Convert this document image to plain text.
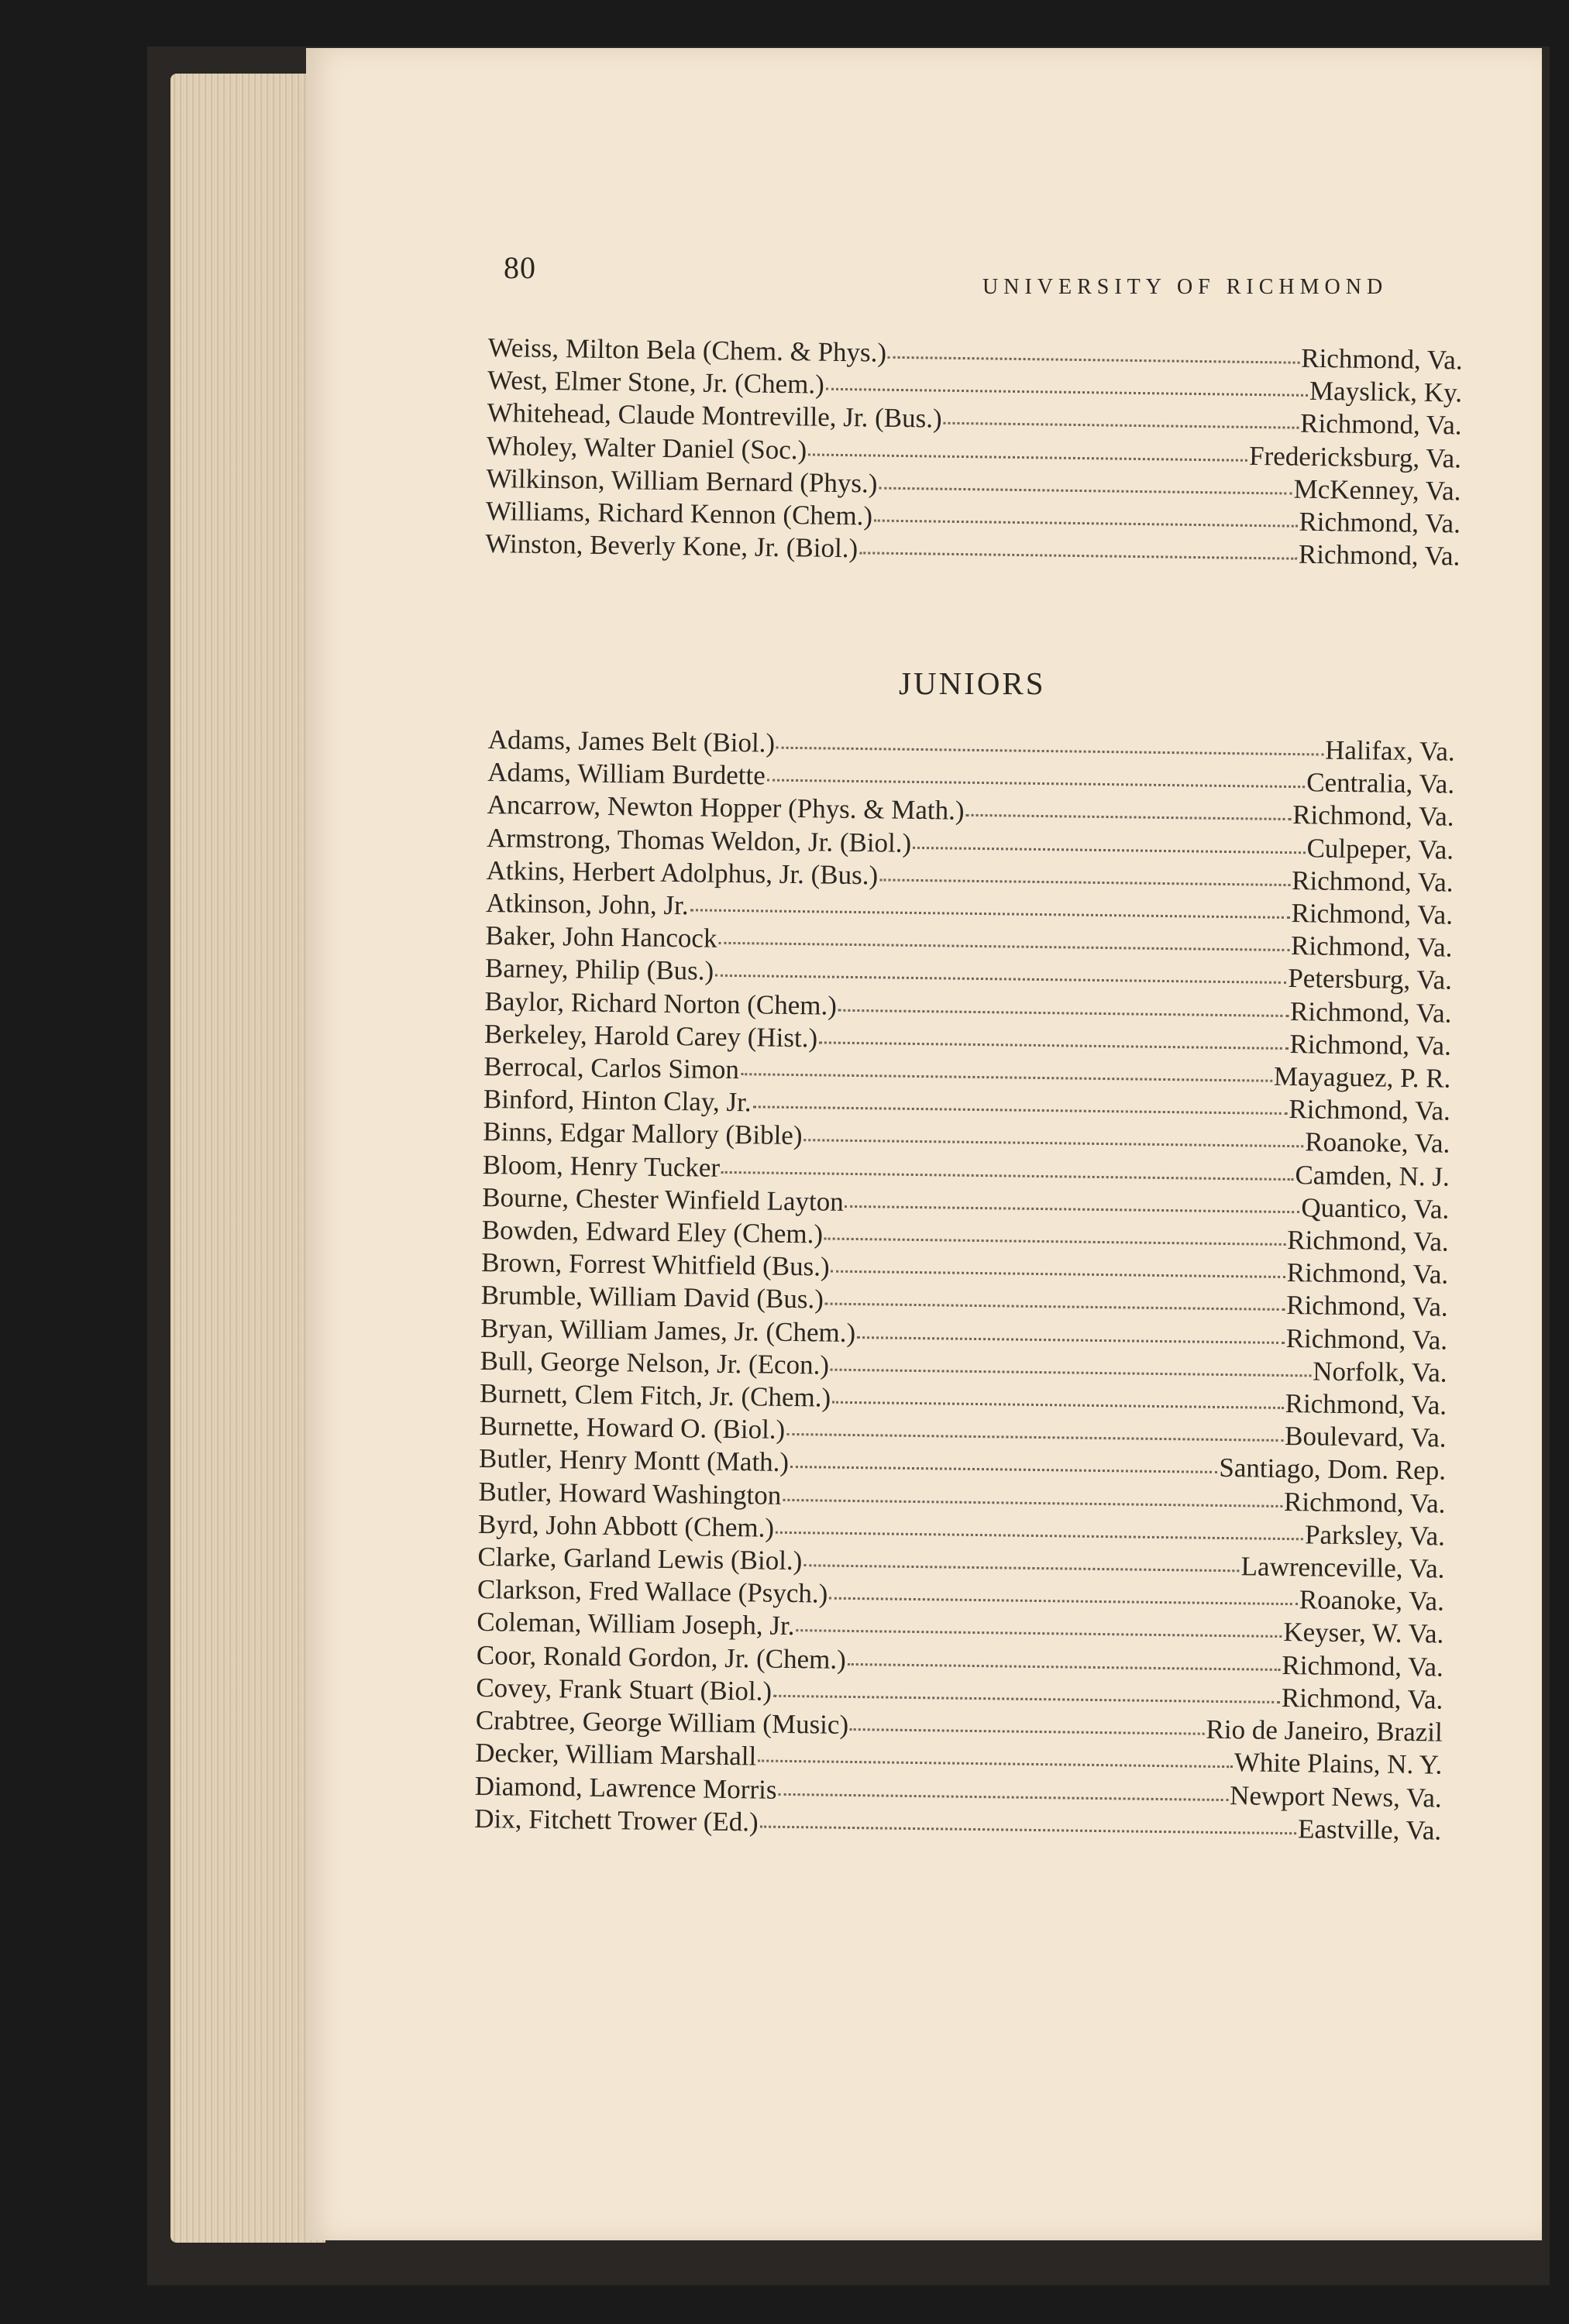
80
UNIVERSITY OF RICHMOND
Weiss, Milton Bela (Chem. & Phys.)	Richmond, Va.
West, Elmer Stone, Jr. (Chem.)	Mayslick, Ky.
Whitehead, Claude Montreville, Jr. (Bus.)	Richmond, Va.
Wholey, Walter Daniel (Soc.)	Fredericksburg, Va.
Wilkinson, William Bernard (Phys.)	McKenney, Va.
Williams, Richard Kennon (Chem.)	Richmond, Va.
Winston, Beverly Kone, Jr. (Biol.)	Richmond, Va.
JUNIORS
Adams, James Belt (Biol.)	Halifax, Va.
Adams, William Burdette	Centralia, Va.
Ancarrow, Newton Hopper (Phys. & Math.)	Richmond, Va.
Armstrong, Thomas Weldon, Jr. (Biol.)	Culpeper, Va.
Atkins, Herbert Adolphus, Jr. (Bus.)	Richmond, Va.
Atkinson, John, Jr.	Richmond, Va.
Baker, John Hancock	Richmond, Va.
Barney, Philip (Bus.)	Petersburg, Va.
Baylor, Richard Norton (Chem.)	Richmond, Va.
Berkeley, Harold Carey (Hist.)	Richmond, Va.
Berrocal, Carlos Simon	Mayaguez, P. R.
Binford, Hinton Clay, Jr.	Richmond, Va.
Binns, Edgar Mallory (Bible)	Roanoke, Va.
Bloom, Henry Tucker	Camden, N. J.
Bourne, Chester Winfield Layton	Quantico, Va.
Bowden, Edward Eley (Chem.)	Richmond, Va.
Brown, Forrest Whitfield (Bus.)	Richmond, Va.
Brumble, William David (Bus.)	Richmond, Va.
Bryan, William James, Jr. (Chem.)	Richmond, Va.
Bull, George Nelson, Jr. (Econ.)	Norfolk, Va.
Burnett, Clem Fitch, Jr. (Chem.)	Richmond, Va.
Burnette, Howard O. (Biol.)	Boulevard, Va.
Butler, Henry Montt (Math.)	Santiago, Dom. Rep.
Butler, Howard Washington	Richmond, Va.
Byrd, John Abbott (Chem.)	Parksley, Va.
Clarke, Garland Lewis (Biol.)	Lawrenceville, Va.
Clarkson, Fred Wallace (Psych.)	Roanoke, Va.
Coleman, William Joseph, Jr.	Keyser, W. Va.
Coor, Ronald Gordon, Jr. (Chem.)	Richmond, Va.
Covey, Frank Stuart (Biol.)	Richmond, Va.
Crabtree, George William (Music)	Rio de Janeiro, Brazil
Decker, William Marshall	White Plains, N. Y.
Diamond, Lawrence Morris	Newport News, Va.
Dix, Fitchett Trower (Ed.)	Eastville, Va.
